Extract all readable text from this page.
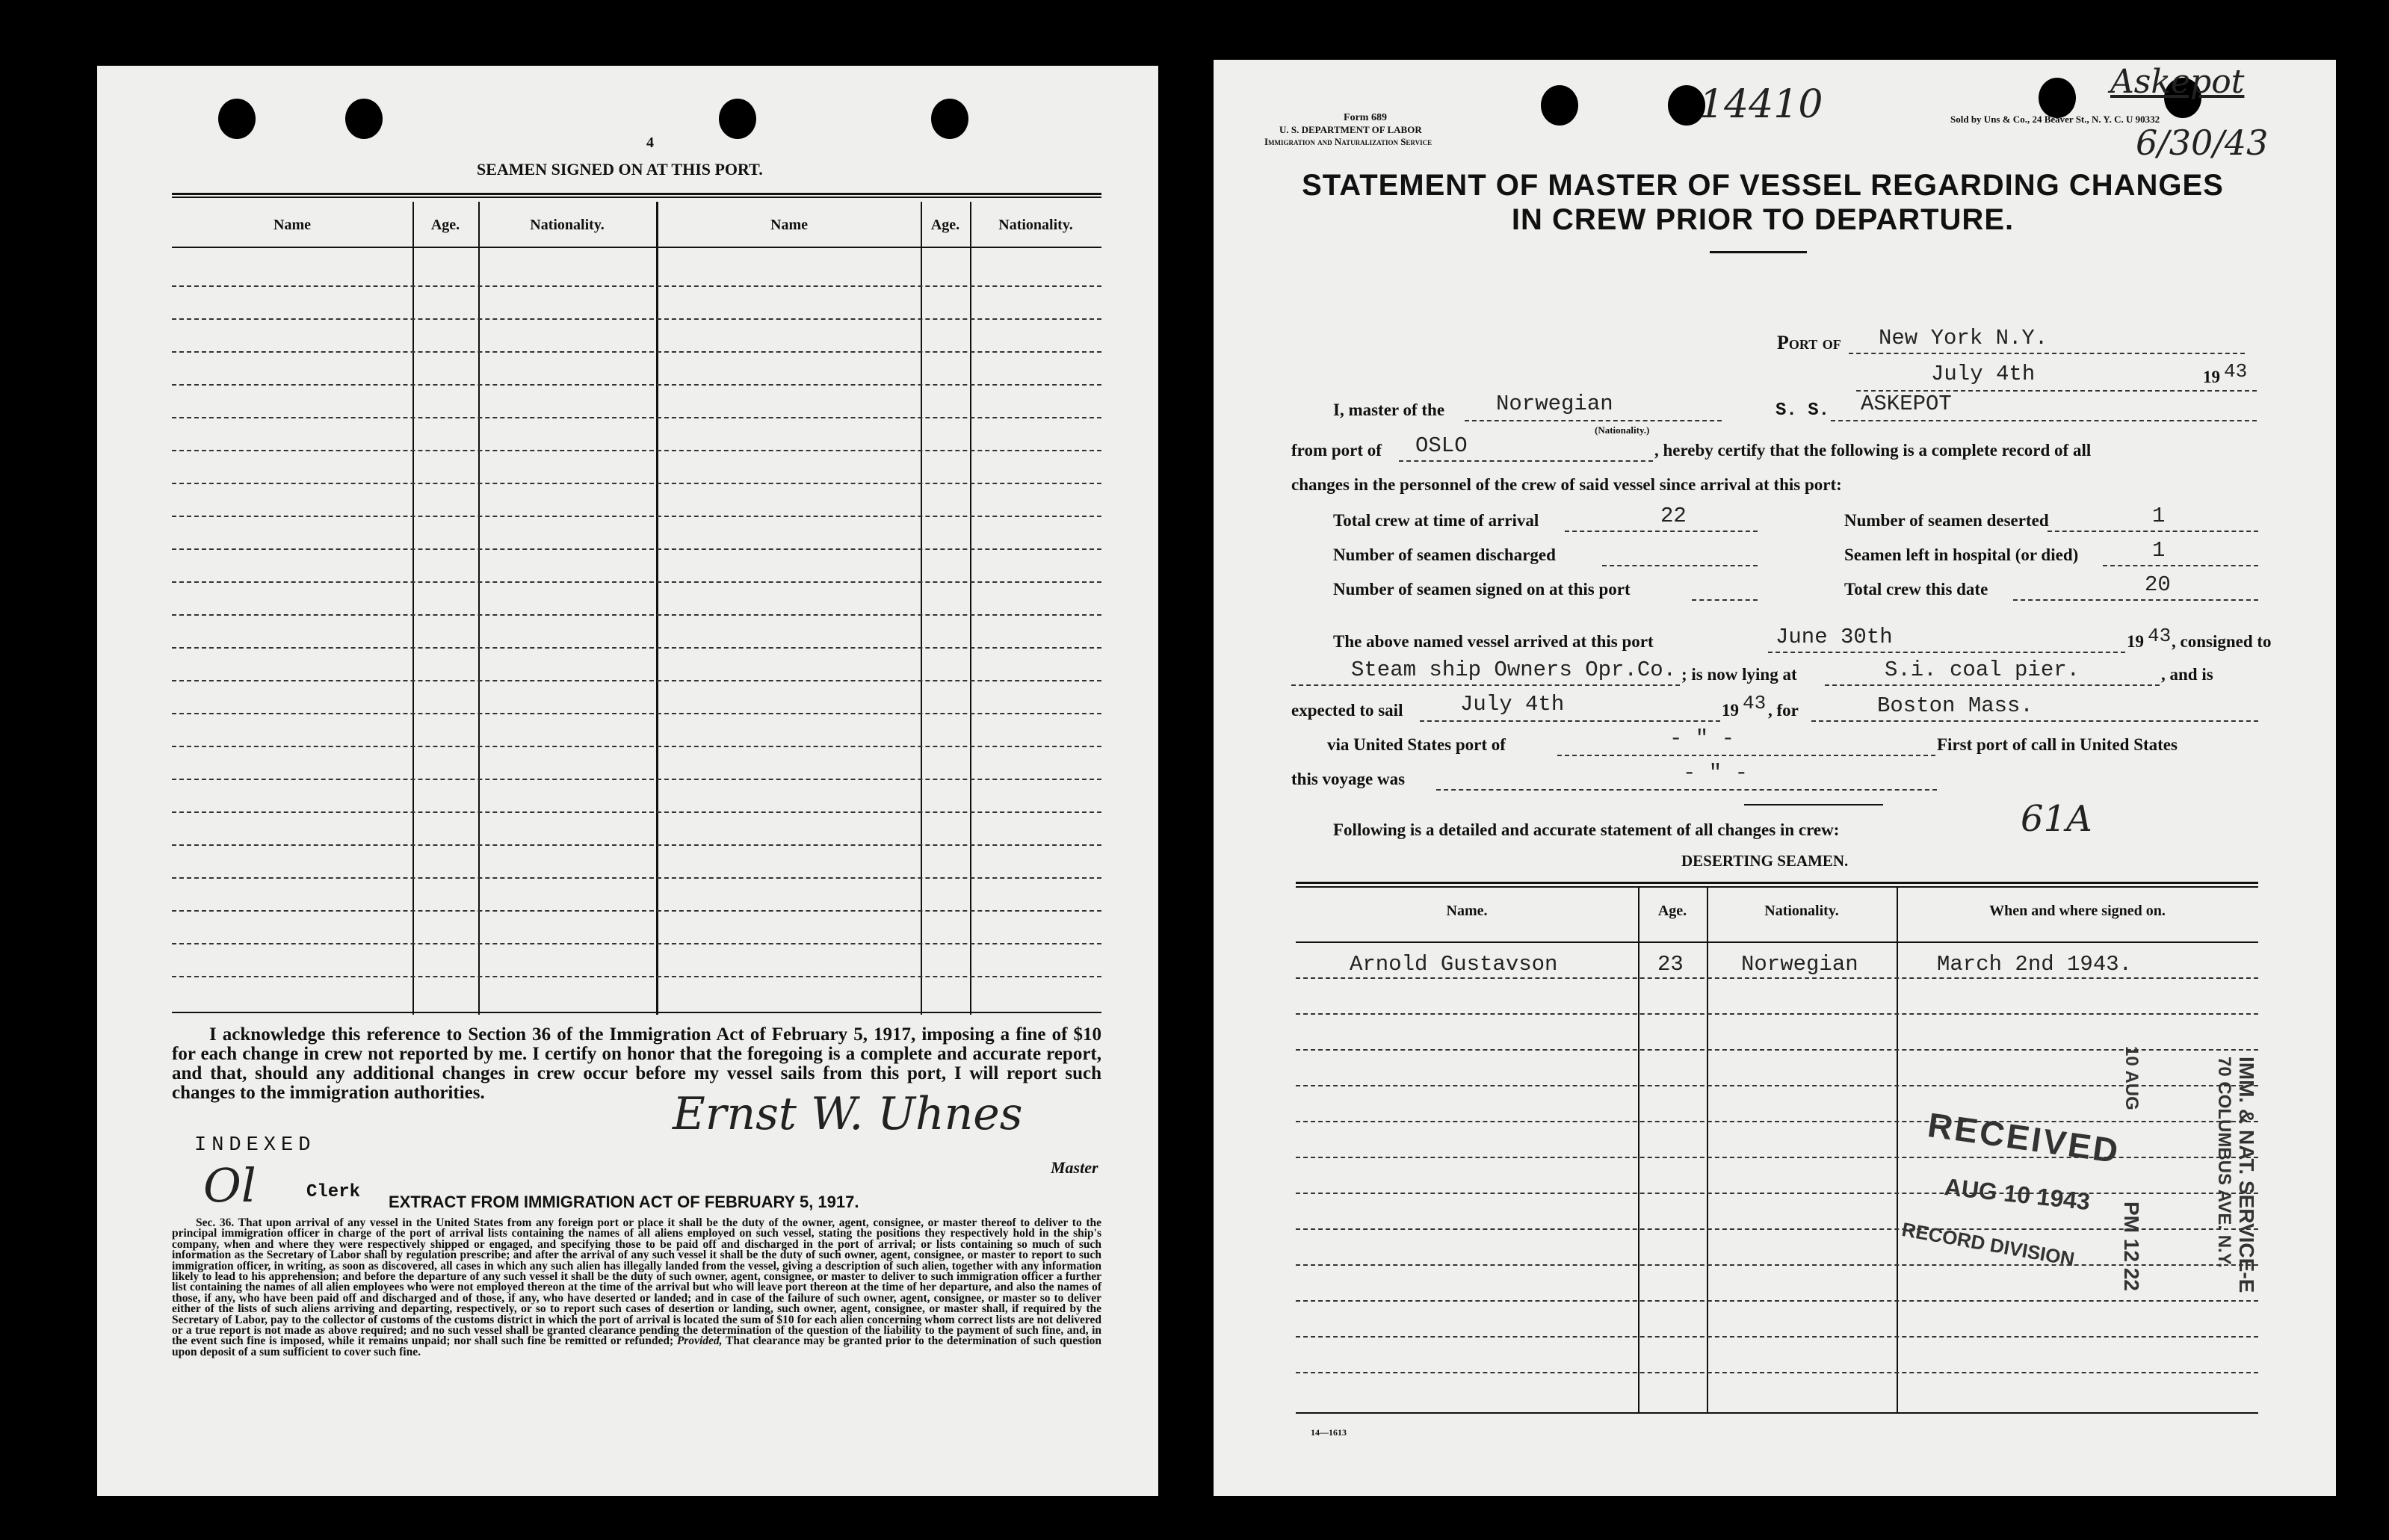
4
SEAMEN SIGNED ON AT THIS PORT.
Name	Age.	Nationality.	Name	Age.	Nationality.
I acknowledge this reference to Section 36 of the Immigration Act of February 5, 1917, imposing a fine of $10 for each change in crew not reported by me. I certify on honor that the foregoing is a complete and accurate report, and that, should any additional changes in crew occur before my vessel sails from this port, I will report such changes to the immigration authorities.	Ernst W. Uhnes
Master
INDEXED
Ol	Clerk EXTRACT FROM IMMIGRATION ACT OF FEBRUARY 5, 1917.
Sec. 36. That upon arrival of any vessel in the United States from any foreign port or place it shall be the duty of the owner, agent, consignee, or master thereof to deliver to the principal immigration officer in charge of the port of arrival lists containing the names of all aliens employed on such vessel, stating the positions they respectively hold in the ship's company, when and where they were respectively shipped or engaged, and specifying those to be paid off and discharged in the port of arrival; or lists containing so much of such information as the Secretary of Labor shall by regulation prescribe; and after the arrival of any such vessel it shall be the duty of such owner, agent, consignee, or master to report to such immigration officer, in writing, as soon as discovered, all cases in which any such alien has illegally landed from the vessel, giving a description of such alien, together with any information likely to lead to his apprehension; and before the departure of any such vessel it shall be the duty of such owner, agent, consignee, or master to deliver to such immigration officer a further list containing the names of all alien employees who were not employed thereon at the time of the arrival but who will leave port thereon at the time of her departure, and also the names of those, if any, who have been paid off and discharged and of those, if any, who have deserted or landed; and in case of the failure of such owner, agent, consignee, or master so to deliver either of the lists of such aliens arriving and departing, respectively, or so to report such cases of desertion or landing, such owner, agent, consignee, or master shall, if required by the Secretary of Labor, pay to the collector of customs of the customs district in which the port of arrival is located the sum of $10 for each alien concerning whom correct lists are not delivered or a true report is not made as above required; and no such vessel shall be granted clearance pending the determination of the question of the liability to the payment of such fine, and, in the event such fine is imposed, while it remains unpaid; nor shall such fine be remitted or refunded; Provided, That clearance may be granted prior to the determination of such question upon deposit of a sum sufficient to cover such fine.
Form 689
U. S. DEPARTMENT OF LABOR
Immigration and Naturalization Service
Sold by Uns & Co., 24 Beaver St., N. Y. C. U 90332
14410
Askepot
6/30/43
STATEMENT OF MASTER OF VESSEL REGARDING CHANGES
IN CREW PRIOR TO DEPARTURE.
Port of New York N.Y.
July 4th	19 43
I, master of the Norwegian
(Nationality.)
S. S. ASKEPOT
from port of OSLO	, hereby certify that the following is a complete record of all
changes in the personnel of the crew of said vessel since arrival at this port:
Total crew at time of arrival	22	Number of seamen deserted	1
Number of seamen discharged	Seamen left in hospital (or died)	1
Number of seamen signed on at this port	Total crew this date	20
The above named vessel arrived at this port	June 30th	19 43 , consigned to
Steam ship Owners Opr.Co. ; is now lying at	S.i. coal pier.	, and is
expected to sail	July 4th	19 43 , for	Boston Mass.
via United States port of	- " -	First port of call in United States
this voyage was	- " -
Following is a detailed and accurate statement of all changes in crew:	61A
DESERTING SEAMEN.
Name.	Age.	Nationality.	When and where signed on.
Arnold Gustavson	23	Norwegian	March 2nd 1943.
RECEIVED
AUG 10 1943
RECORD DIVISION PM 12 22	IMM. & NAT. SERVICE-E
70 COLUMBUS AVE. N.Y.
10 AUG
14—1613
